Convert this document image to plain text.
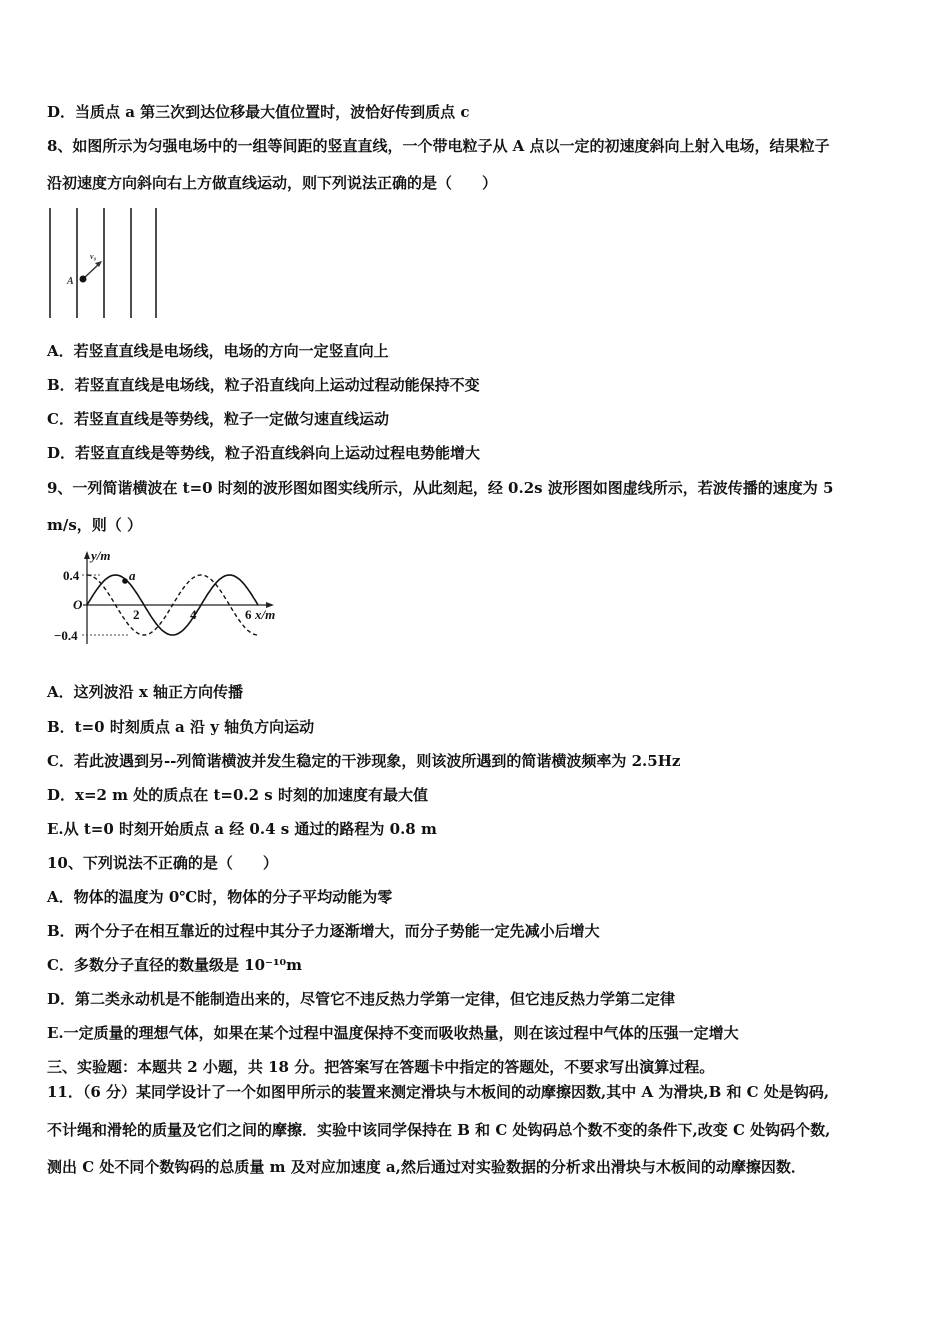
D．当质点 a 第三次到达位移最大值位置时，波恰好传到质点 c
8、如图所示为匀强电场中的一组等间距的竖直直线，一个带电粒子从 A 点以一定的初速度斜向上射入电场，结果粒子
沿初速度方向斜向右上方做直线运动，则下列说法正确的是（　　）
A
v₀
A．若竖直直线是电场线，电场的方向一定竖直向上
B．若竖直直线是电场线，粒子沿直线向上运动过程动能保持不变
C．若竖直直线是等势线，粒子一定做匀速直线运动
D．若竖直直线是等势线，粒子沿直线斜向上运动过程电势能增大
9、一列简谐横波在 t=0 时刻的波形图如图实线所示，从此刻起，经 0.2s 波形图如图虚线所示，若波传播的速度为 5
m/s，则（ ）
a
y/m
x/m
O
0.4
−0.4
2	4	6
A．这列波沿 x 轴正方向传播
B．t=0 时刻质点 a 沿 y 轴负方向运动
C．若此波遇到另--列简谐横波并发生稳定的干涉现象，则该波所遇到的简谐横波频率为 2.5Hz
D．x=2 m 处的质点在 t=0.2 s 时刻的加速度有最大值
E.从 t=0 时刻开始质点 a 经 0.4 s 通过的路程为 0.8 m
10、下列说法不正确的是（　　）
A．物体的温度为 0℃时，物体的分子平均动能为零
B．两个分子在相互靠近的过程中其分子力逐渐增大，而分子势能一定先减小后增大
C．多数分子直径的数量级是 10⁻¹⁰m
D．第二类永动机是不能制造出来的，尽管它不违反热力学第一定律，但它违反热力学第二定律
E.一定质量的理想气体，如果在某个过程中温度保持不变而吸收热量，则在该过程中气体的压强一定增大
三、实验题：本题共 2 小题，共 18 分。把答案写在答题卡中指定的答题处，不要求写出演算过程。
11．（6 分）某同学设计了一个如图甲所示的装置来测定滑块与木板间的动摩擦因数,其中 A 为滑块,B 和 C 处是钩码,
不计绳和滑轮的质量及它们之间的摩擦．实验中该同学保持在 B 和 C 处钩码总个数不变的条件下,改变 C 处钩码个数,
测出 C 处不同个数钩码的总质量 m 及对应加速度 a,然后通过对实验数据的分析求出滑块与木板间的动摩擦因数．
